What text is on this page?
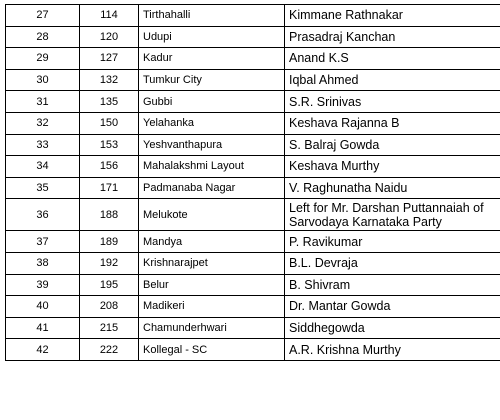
27	114	Tirthahalli	Kimmane Rathnakar
28	120	Udupi	Prasadraj Kanchan
29	127	Kadur	Anand K.S
30	132	Tumkur City	Iqbal Ahmed
31	135	Gubbi	S.R. Srinivas
32	150	Yelahanka	Keshava Rajanna B
33	153	Yeshvanthapura	S. Balraj Gowda
34	156	Mahalakshmi Layout	Keshava Murthy
35	171	Padmanaba Nagar	V. Raghunatha Naidu
36	188	Melukote	Left for Mr. Darshan Puttannaiah of Sarvodaya Karnataka Party
37	189	Mandya	P. Ravikumar
38	192	Krishnarajpet	B.L. Devraja
39	195	Belur	B. Shivram
40	208	Madikeri	Dr. Mantar Gowda
41	215	Chamunderhwari	Siddhegowda
42	222	Kollegal - SC	A.R. Krishna Murthy
